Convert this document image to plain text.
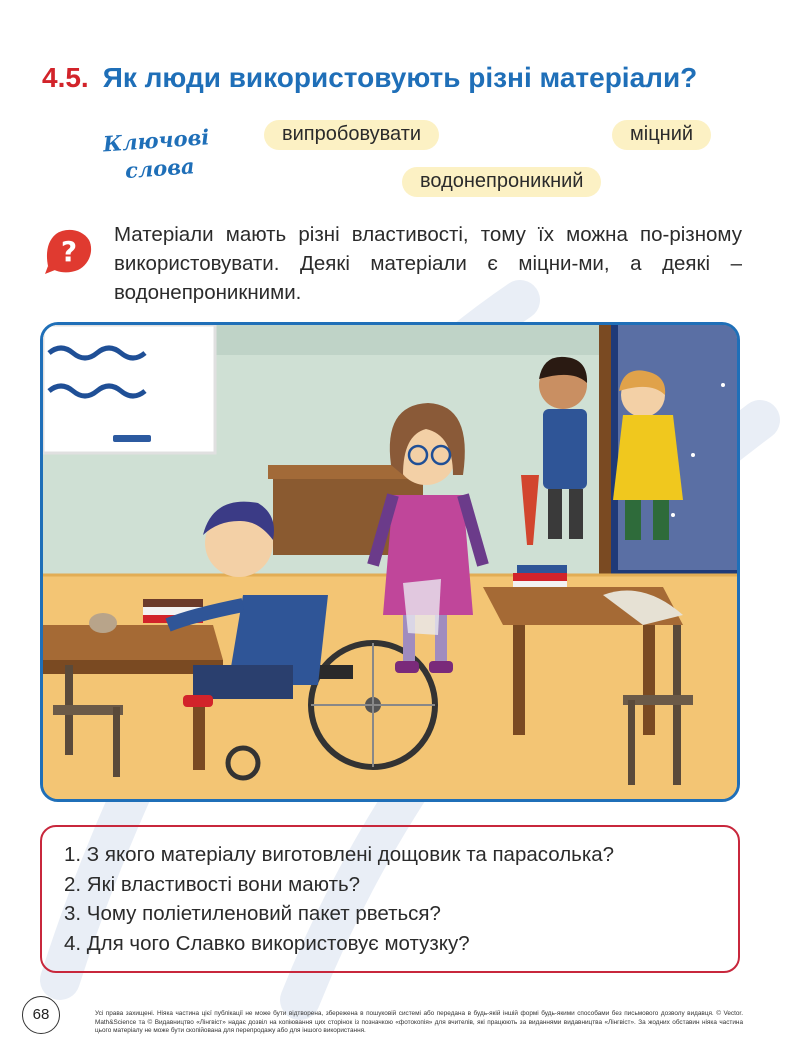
4.5. Як люди використовують різні матеріали?
Ключові
слова
випробовувати	міцний
водонепроникний
?

Матеріали мають різні властивості, тому їх можна по-різному використовувати. Деякі матеріали є міцни-ми, а деякі – водонепроникними.

1. З якого матеріалу виготовлені дощовик та парасолька?
2. Які властивості вони мають?
3. Чому поліетиленовий пакет рветься?
4. Для чого Славко використовує мотузку?
68	Усі права захищені. Ніяка частина цієї публікації не може бути відтворена, збережена в пошуковій системі або передана в будь-якій іншій формі будь-якими способами без письмового дозволу видавця. © Vector. Math&Science та © Видавництво «Лінгвіст» надає дозвіл на копіювання цих сторінок із позначкою «фотокопія» для вчителів, які працюють за виданнями видавництва «Лінгвіст». За жодних обставин ніяка частина цього матеріалу не може бути скопійована для перепродажу або для іншого використання.
